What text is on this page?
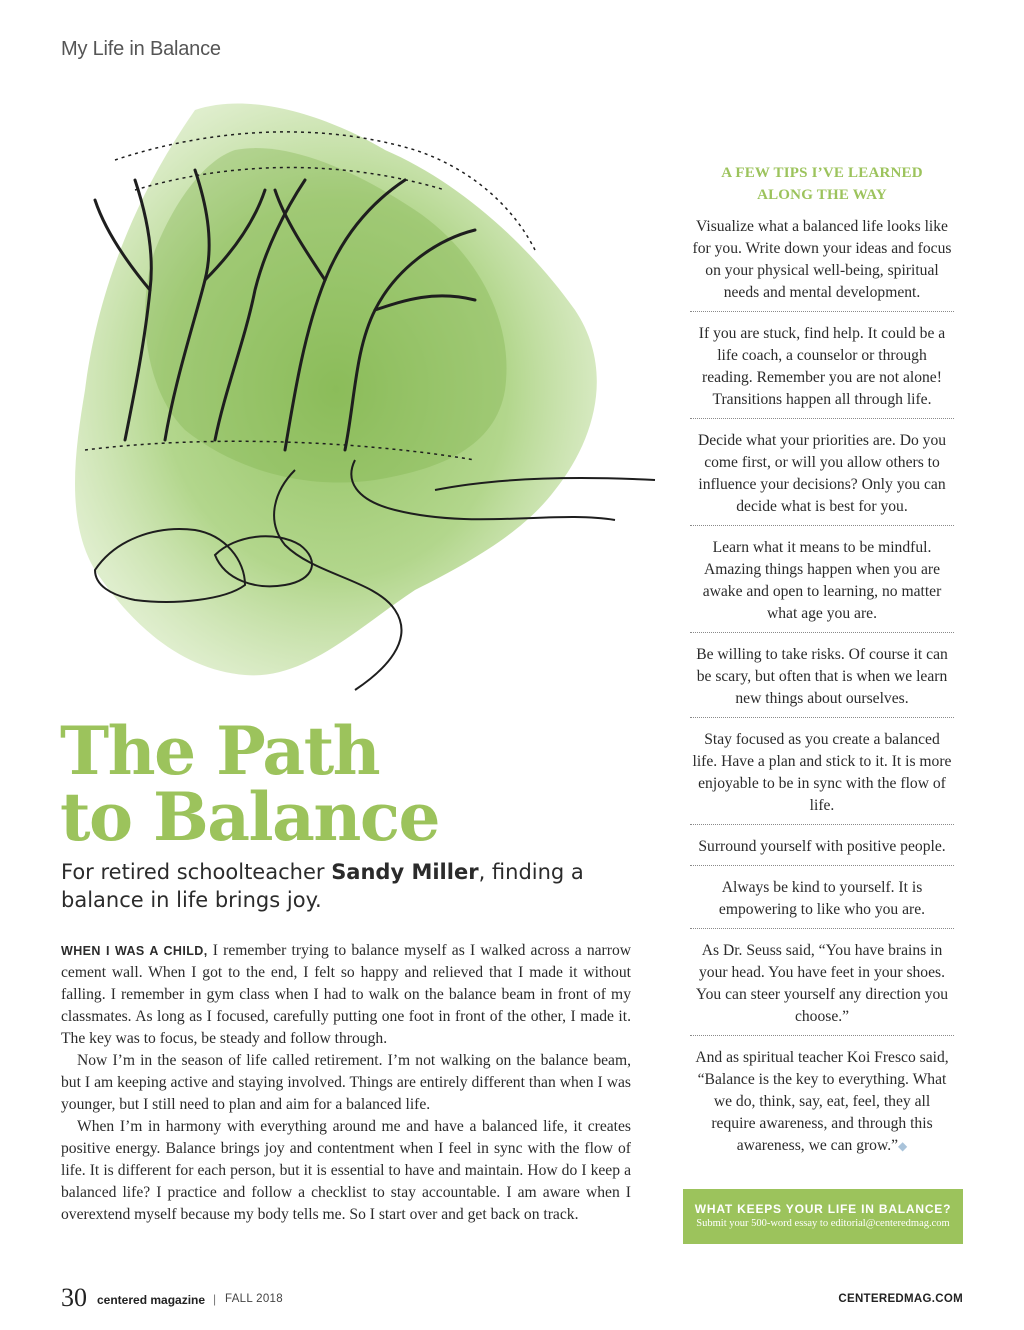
My Life in Balance
The Path
to Balance
For retired schoolteacher Sandy Miller, finding a balance in life brings joy.

WHEN I WAS A CHILD, I remember trying to balance myself as I walked across a narrow cement wall. When I got to the end, I felt so happy and relieved that I made it without falling. I remember in gym class when I had to walk on the balance beam in front of my classmates. As long as I focused, carefully putting one foot in front of the other, I made it. The key was to focus, be steady and follow through.

Now I’m in the season of life called retirement. I’m not walking on the balance beam, but I am keeping active and staying involved. Things are entirely different than when I was younger, but I still need to plan and aim for a balanced life.

When I’m in harmony with everything around me and have a balanced life, it creates positive energy. Balance brings joy and contentment when I feel in sync with the flow of life. It is different for each person, but it is essential to have and maintain. How do I keep a balanced life? I practice and follow a checklist to stay accountable. I am aware when I overextend myself because my body tells me. So I start over and get back on track.

A FEW TIPS I’VE LEARNED
ALONG THE WAY
Visualize what a balanced life looks like for you. Write down your ideas and focus on your physical well-being, spiritual needs and mental development.
If you are stuck, find help. It could be a life coach, a counselor or through reading. Remember you are not alone! Transitions happen all through life.
Decide what your priorities are. Do you come first, or will you allow others to influence your decisions? Only you can decide what is best for you.
Learn what it means to be mindful. Amazing things happen when you are awake and open to learning, no matter what age you are.
Be willing to take risks. Of course it can be scary, but often that is when we learn new things about ourselves.
Stay focused as you create a balanced life. Have a plan and stick to it. It is more enjoyable to be in sync with the flow of life.
Surround yourself with positive people.
Always be kind to yourself. It is empowering to like who you are.
As Dr. Seuss said, “You have brains in your head. You have feet in your shoes. You can steer yourself any direction you choose.”
And as spiritual teacher Koi Fresco said, “Balance is the key to everything. What we do, think, say, eat, feel, they all require awareness, and through this awareness, we can grow.”◆
WHAT KEEPS YOUR LIFE IN BALANCE?
Submit your 500-word essay to editorial@centeredmag.com
30 centered magazine | FALL 2018	CENTEREDMAG.COM
